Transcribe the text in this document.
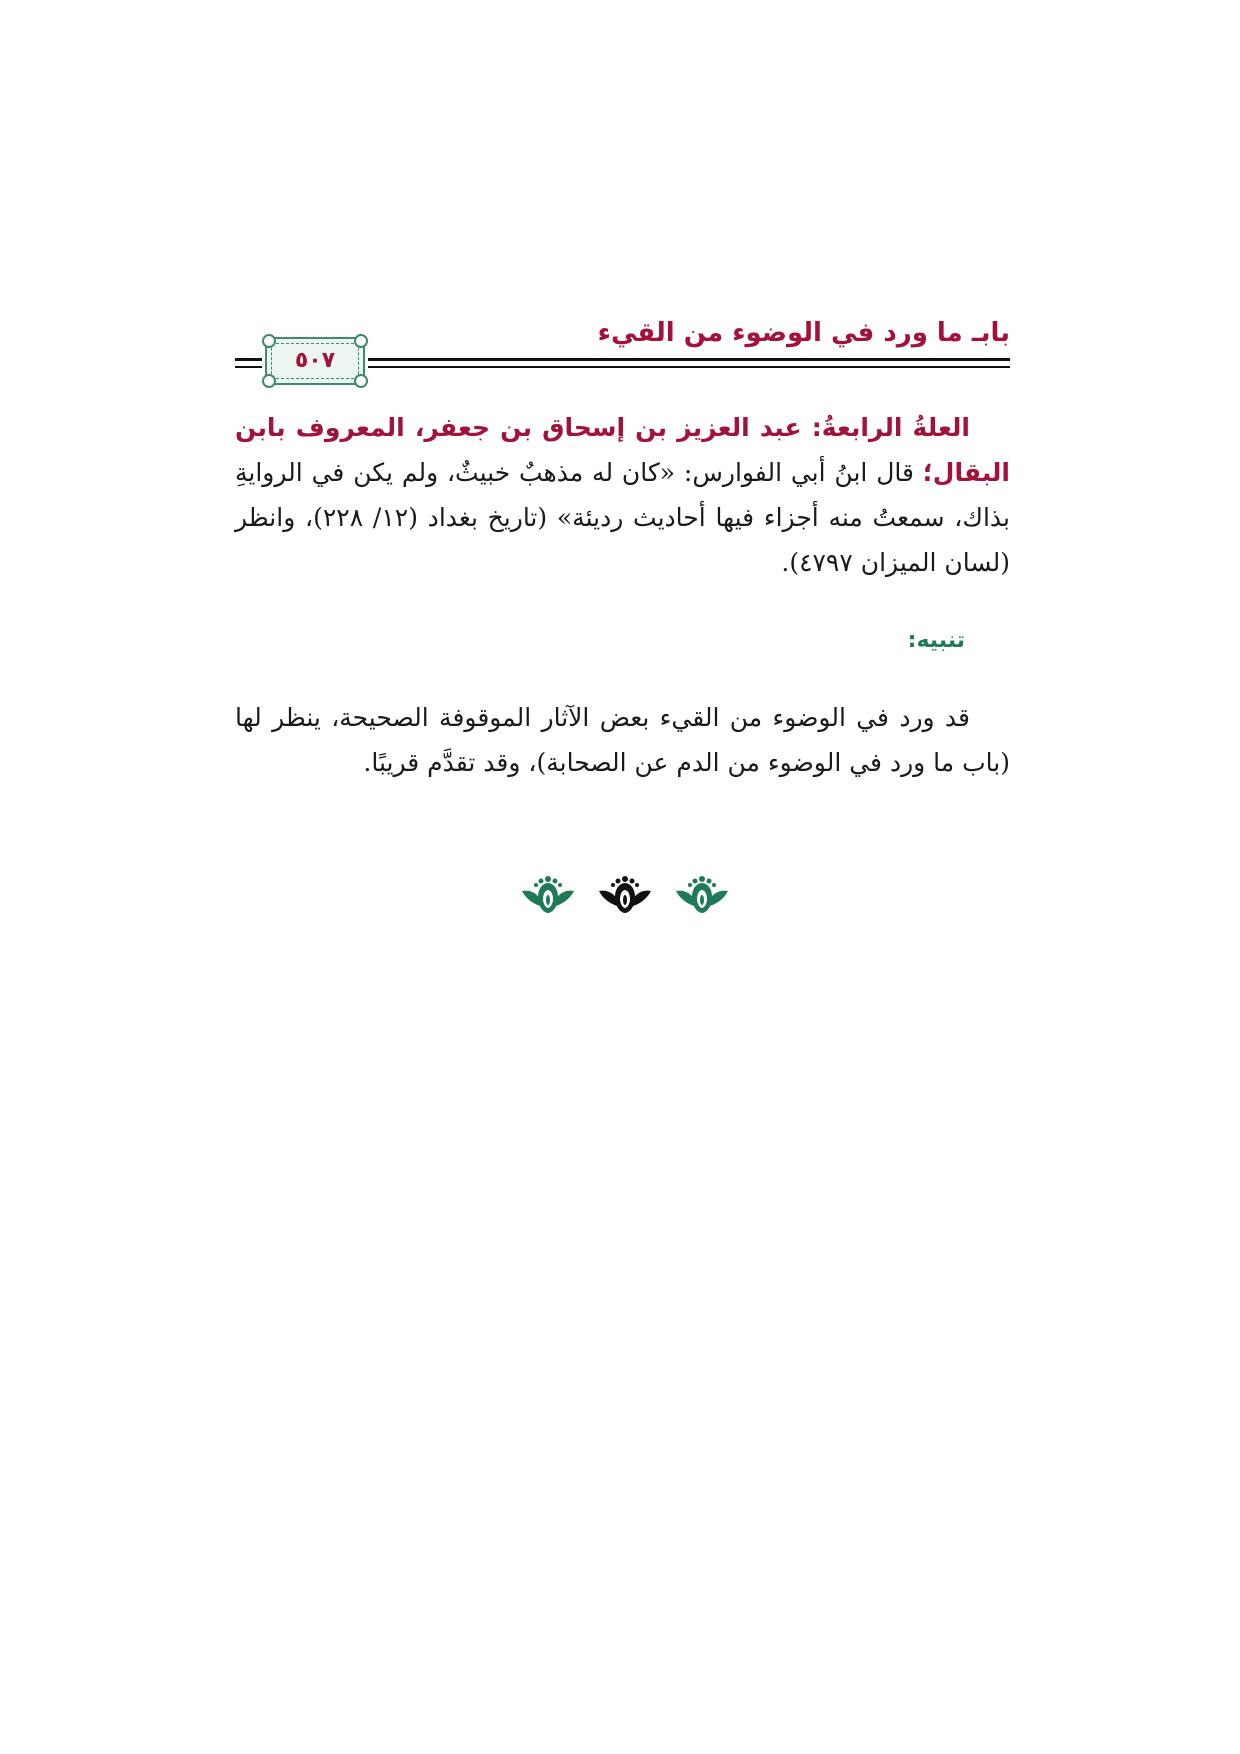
بابـ ما ورد في الوضوء من القيء
٥٠٧
العلةُ الرابعةُ: عبد العزيز بن إسحاق بن جعفر، المعروف بابن البقال؛ قال ابنُ أبي الفوارس: «كان له مذهبٌ خبيثٌ، ولم يكن في الروايةِ بذاك، سمعتُ منه أجزاء فيها أحاديث رديئة» (تاريخ بغداد (١٢/ ٢٢٨)، وانظر (لسان الميزان ٤٧٩٧).
تنبيه:
قد ورد في الوضوء من القيء بعض الآثار الموقوفة الصحيحة، ينظر لها (باب ما ورد في الوضوء من الدم عن الصحابة)، وقد تقدَّم قريبًا.
